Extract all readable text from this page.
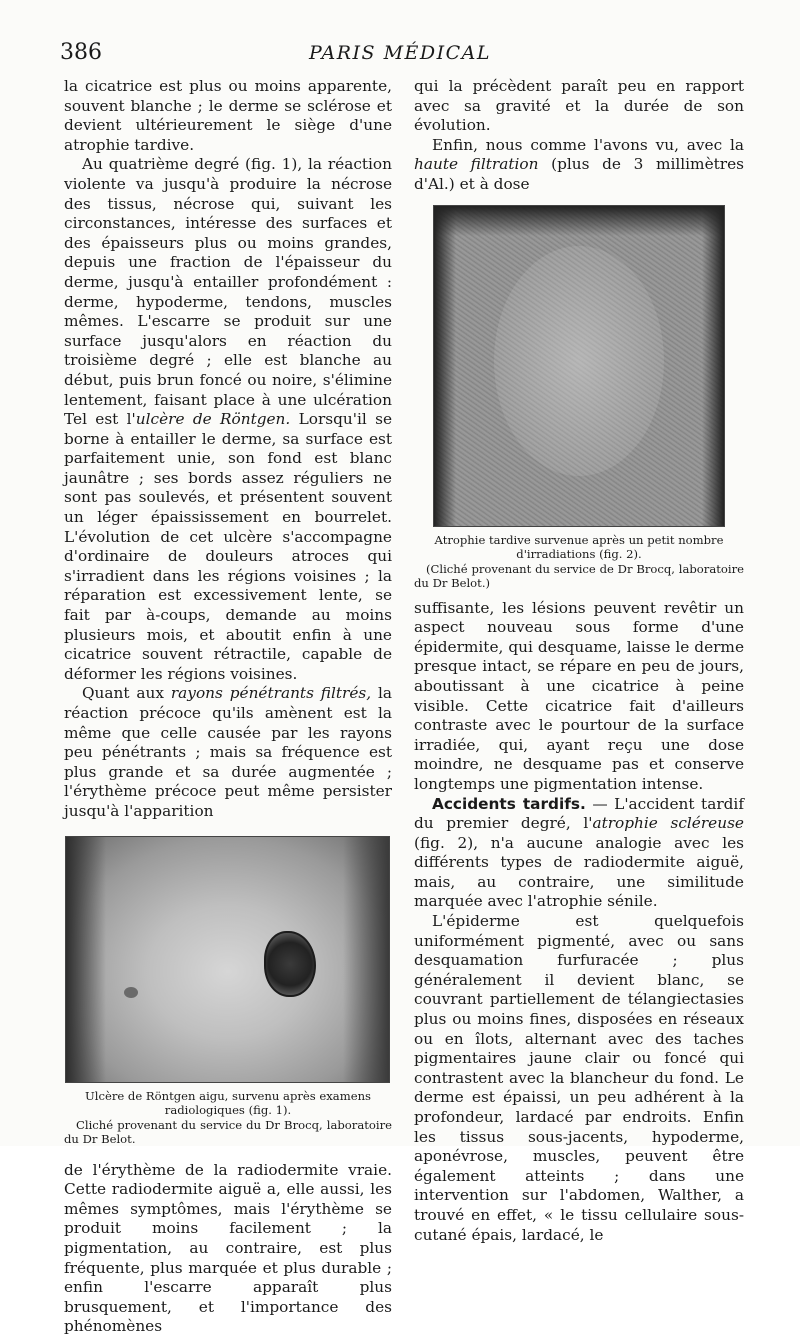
386	PARIS MÉDICAL

la cicatrice est plus ou moins apparente, souvent blanche ; le derme se sclérose et devient ultérieurement le siège d'une atrophie tardive.

Au quatrième degré (fig. 1), la réaction violente va jusqu'à produire la nécrose des tissus, nécrose qui, suivant les circonstances, intéresse des surfaces et des épaisseurs plus ou moins grandes, depuis une fraction de l'épaisseur du derme, jusqu'à entailler profondément : derme, hypoderme, tendons, muscles mêmes. L'escarre se produit sur une surface jusqu'alors en réaction du troisième degré ; elle est blanche au début, puis brun foncé ou noire, s'élimine lentement, faisant place à une ulcération Tel est l'ulcère de Röntgen. Lorsqu'il se borne à entailler le derme, sa surface est parfaitement unie, son fond est blanc jaunâtre ; ses bords assez réguliers ne sont pas soulevés, et présentent souvent un léger épaississement en bourrelet. L'évolution de cet ulcère s'accompagne d'ordinaire de douleurs atroces qui s'irradient dans les régions voisines ; la réparation est excessivement lente, se fait par à-coups, demande au moins plusieurs mois, et aboutit enfin à une cicatrice souvent rétractile, capable de déformer les régions voisines.

Quant aux rayons pénétrants filtrés, la réaction précoce qu'ils amènent est la même que celle causée par les rayons peu pénétrants ; mais sa fréquence est plus grande et sa durée augmentée ; l'érythème précoce peut même persister jusqu'à l'apparition

Ulcère de Röntgen aigu, survenu après examens radiologiques (fig. 1).
Cliché provenant du service du Dr Brocq, laboratoire du Dr Belot.

de l'érythème de la radiodermite vraie. Cette radiodermite aiguë a, elle aussi, les mêmes symptômes, mais l'érythème se produit moins facilement ; la pigmentation, au contraire, est plus fréquente, plus marquée et plus durable ; enfin l'escarre apparaît plus brusquement, et l'importance des phénomènes

qui la précèdent paraît peu en rapport avec sa gravité et la durée de son évolution.

Enfin, nous comme l'avons vu, avec la haute filtration (plus de 3 millimètres d'Al.) et à dose

Atrophie tardive survenue après un petit nombre d'irradiations (fig. 2).
(Cliché provenant du service de Dr Brocq, laboratoire du Dr Belot.)

suffisante, les lésions peuvent revêtir un aspect nouveau sous forme d'une épidermite, qui desquame, laisse le derme presque intact, se répare en peu de jours, aboutissant à une cicatrice à peine visible. Cette cicatrice fait d'ailleurs contraste avec le pourtour de la surface irradiée, qui, ayant reçu une dose moindre, ne desquame pas et conserve longtemps une pigmentation intense.

Accidents tardifs. — L'accident tardif du premier degré, l'atrophie scléreuse (fig. 2), n'a aucune analogie avec les différents types de radiodermite aiguë, mais, au contraire, une similitude marquée avec l'atrophie sénile.

L'épiderme est quelquefois uniformément pigmenté, avec ou sans desquamation furfuracée ; plus généralement il devient blanc, se couvrant partiellement de télangiectasies plus ou moins fines, disposées en réseaux ou en îlots, alternant avec des taches pigmentaires jaune clair ou foncé qui contrastent avec la blancheur du fond. Le derme est épaissi, un peu adhérent à la profondeur, lardacé par endroits. Enfin les tissus sous-jacents, hypoderme, aponévrose, muscles, peuvent être également atteints ; dans une intervention sur l'abdomen, Walther, a trouvé en effet, « le tissu cellulaire sous-cutané épais, lardacé, le
